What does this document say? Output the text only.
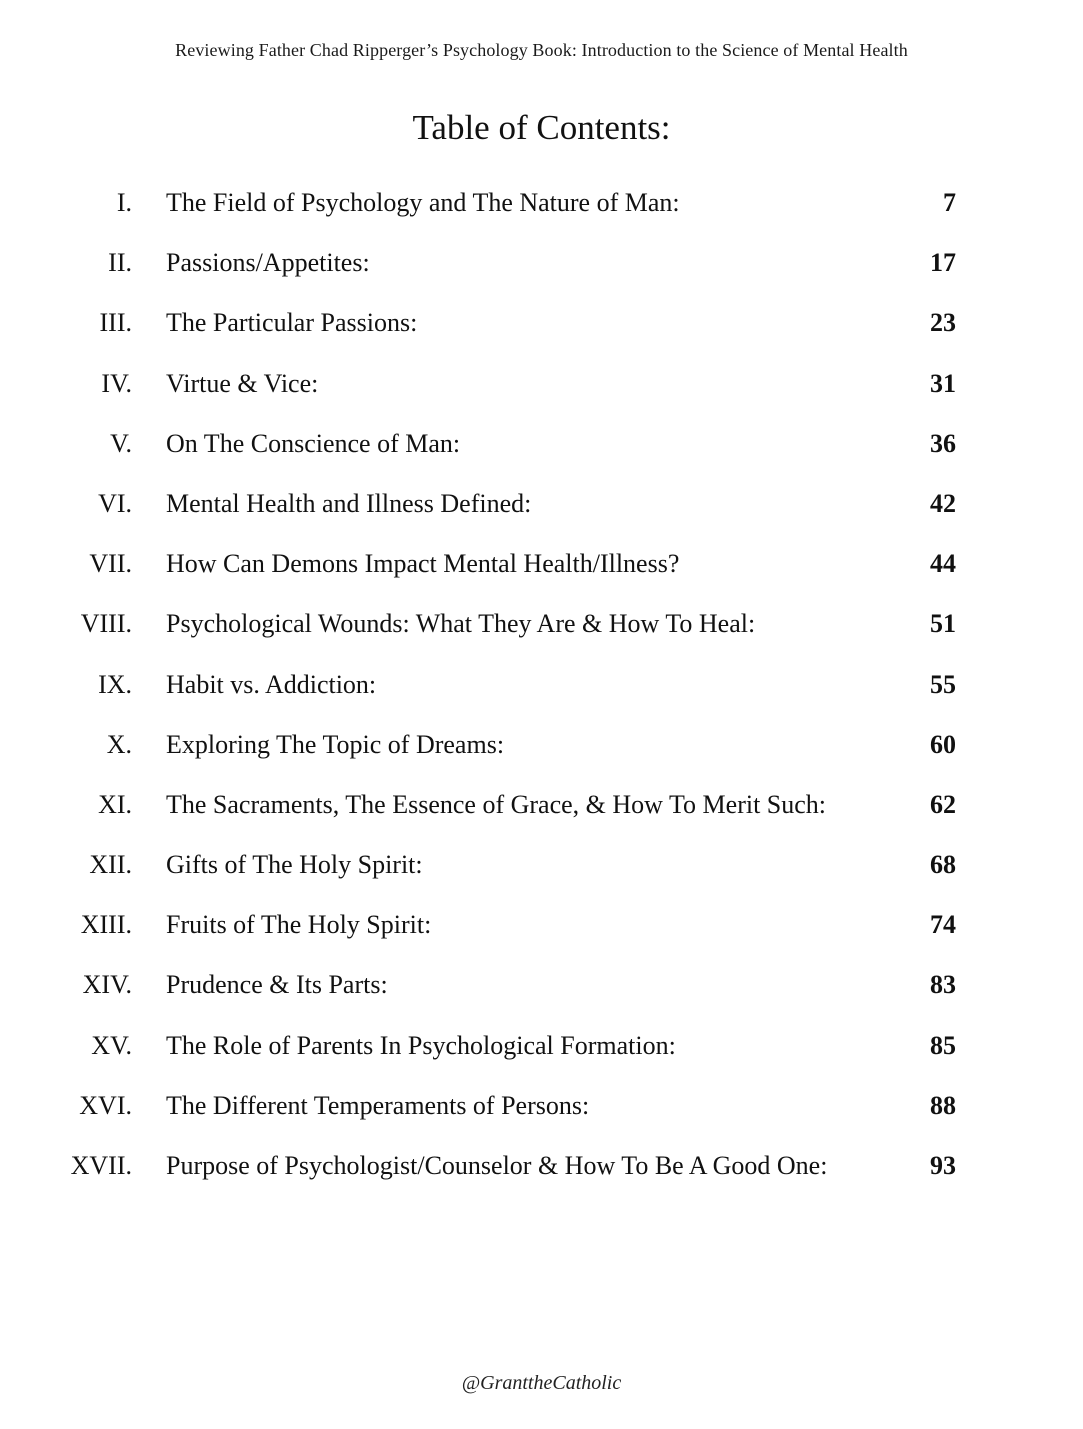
Reviewing Father Chad Ripperger’s Psychology Book: Introduction to the Science of Mental Health
Table of Contents:
I. The Field of Psychology and The Nature of Man:	7
II. Passions/Appetites:	17
III. The Particular Passions:	23
IV. Virtue & Vice:	31
V. On The Conscience of Man:	36
VI. Mental Health and Illness Defined:	42
VII. How Can Demons Impact Mental Health/Illness?	44
VIII. Psychological Wounds: What They Are & How To Heal:	51
IX. Habit vs. Addiction:	55
X. Exploring The Topic of Dreams:	60
XI. The Sacraments, The Essence of Grace, & How To Merit Such:	62
XII. Gifts of The Holy Spirit:	68
XIII. Fruits of The Holy Spirit:	74
XIV. Prudence & Its Parts:	83
XV. The Role of Parents In Psychological Formation:	85
XVI. The Different Temperaments of Persons:	88
XVII. Purpose of Psychologist/Counselor & How To Be A Good One:	93
@GranttheCatholic
